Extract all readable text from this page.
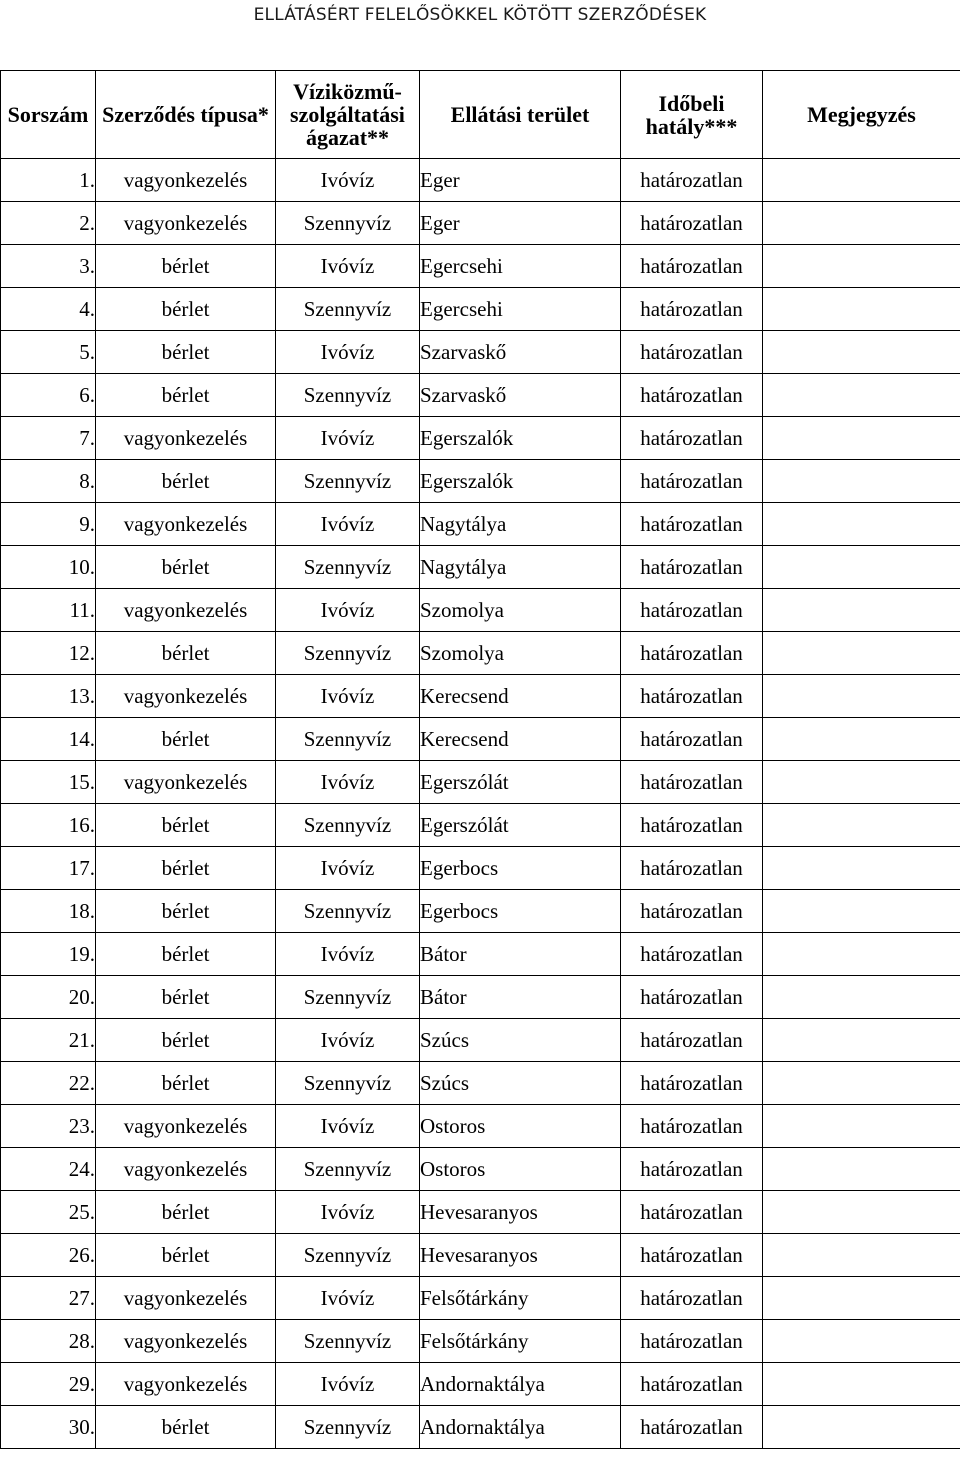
ELLÁTÁSÉRT FELELŐSÖKKEL KÖTÖTT SZERZŐDÉSEK
Sorszám	Szerződés típusa*	Víziközmű-szolgáltatási ágazat**	Ellátási terület	Időbeli hatály***	Megjegyzés
1.	vagyonkezelés	Ivóvíz	Eger	határozatlan	
2.	vagyonkezelés	Szennyvíz	Eger	határozatlan	
3.	bérlet	Ivóvíz	Egercsehi	határozatlan	
4.	bérlet	Szennyvíz	Egercsehi	határozatlan	
5.	bérlet	Ivóvíz	Szarvaskő	határozatlan	
6.	bérlet	Szennyvíz	Szarvaskő	határozatlan	
7.	vagyonkezelés	Ivóvíz	Egerszalók	határozatlan	
8.	bérlet	Szennyvíz	Egerszalók	határozatlan	
9.	vagyonkezelés	Ivóvíz	Nagytálya	határozatlan	
10.	bérlet	Szennyvíz	Nagytálya	határozatlan	
11.	vagyonkezelés	Ivóvíz	Szomolya	határozatlan	
12.	bérlet	Szennyvíz	Szomolya	határozatlan	
13.	vagyonkezelés	Ivóvíz	Kerecsend	határozatlan	
14.	bérlet	Szennyvíz	Kerecsend	határozatlan	
15.	vagyonkezelés	Ivóvíz	Egerszólát	határozatlan	
16.	bérlet	Szennyvíz	Egerszólát	határozatlan	
17.	bérlet	Ivóvíz	Egerbocs	határozatlan	
18.	bérlet	Szennyvíz	Egerbocs	határozatlan	
19.	bérlet	Ivóvíz	Bátor	határozatlan	
20.	bérlet	Szennyvíz	Bátor	határozatlan	
21.	bérlet	Ivóvíz	Szúcs	határozatlan	
22.	bérlet	Szennyvíz	Szúcs	határozatlan	
23.	vagyonkezelés	Ivóvíz	Ostoros	határozatlan	
24.	vagyonkezelés	Szennyvíz	Ostoros	határozatlan	
25.	bérlet	Ivóvíz	Hevesaranyos	határozatlan	
26.	bérlet	Szennyvíz	Hevesaranyos	határozatlan	
27.	vagyonkezelés	Ivóvíz	Felsőtárkány	határozatlan	
28.	vagyonkezelés	Szennyvíz	Felsőtárkány	határozatlan	
29.	vagyonkezelés	Ivóvíz	Andornaktálya	határozatlan	
30.	bérlet	Szennyvíz	Andornaktálya	határozatlan	
